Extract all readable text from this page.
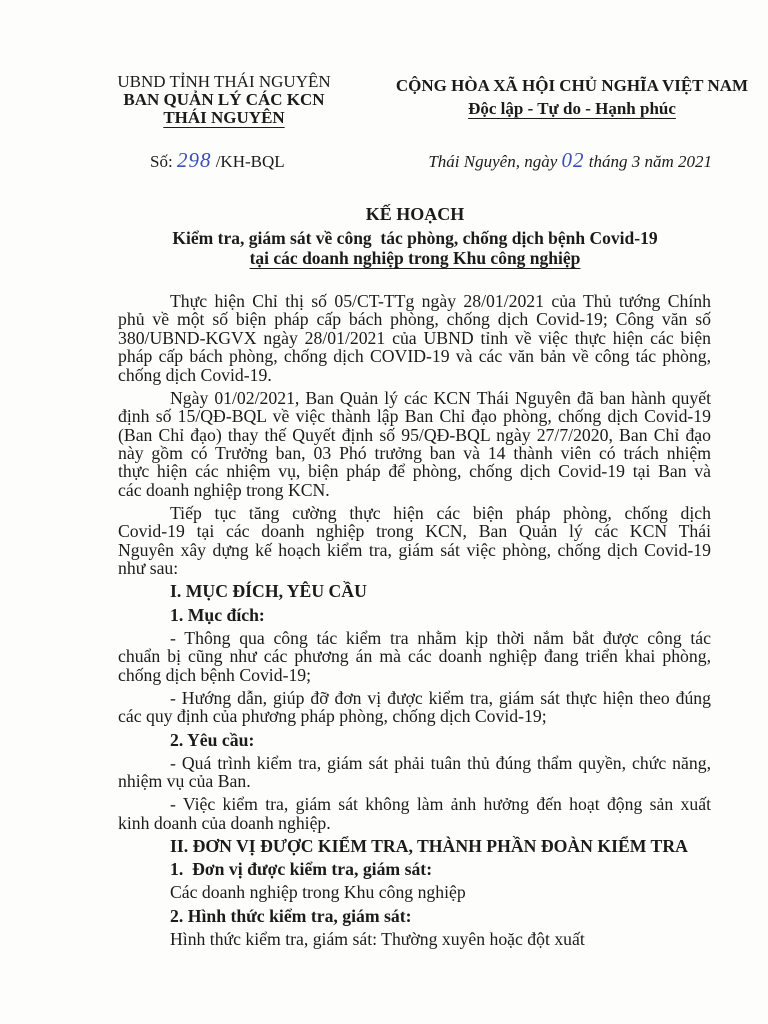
UBND TỈNH THÁI NGUYÊN
BAN QUẢN LÝ CÁC KCN
THÁI NGUYÊN
CỘNG HÒA XÃ HỘI CHỦ NGHĨA VIỆT NAM
Độc lập - Tự do - Hạnh phúc
Số: 298 /KH-BQL	Thái Nguyên, ngày 02 tháng 3 năm 2021
KẾ HOẠCH
Kiểm tra, giám sát về công  tác phòng, chống dịch bệnh Covid-19
tại các doanh nghiệp trong Khu công nghiệp
Thực hiện Chỉ thị số 05/CT-TTg ngày 28/01/2021 của Thủ tướng Chính
phủ về một số biện pháp cấp bách phòng, chống dịch Covid-19; Công văn số
380/UBND-KGVX ngày 28/01/2021 của UBND tỉnh về việc thực hiện các biện
pháp cấp bách phòng, chống dịch COVID-19 và các văn bản về công tác phòng,
chống dịch Covid-19.
Ngày 01/02/2021, Ban Quản lý các KCN Thái Nguyên đã ban hành quyết
định số 15/QĐ-BQL về việc thành lập Ban Chỉ đạo phòng, chống dịch Covid-19
(Ban Chỉ đạo) thay thế Quyết định số 95/QĐ-BQL ngày 27/7/2020, Ban Chỉ đạo
này gồm có Trưởng ban, 03 Phó trưởng ban và 14 thành viên có trách nhiệm
thực hiện các nhiệm vụ, biện pháp để phòng, chống dịch Covid-19 tại Ban và
các doanh nghiệp trong KCN.
Tiếp tục tăng cường thực hiện các biện pháp phòng, chống dịch
Covid-19 tại các doanh nghiệp trong KCN, Ban Quản lý các KCN Thái
Nguyên xây dựng kế hoạch kiểm tra, giám sát việc phòng, chống dịch Covid-19
như sau:
I. MỤC ĐÍCH, YÊU CẦU
1. Mục đích:
- Thông qua công tác kiểm tra nhằm kịp thời nắm bắt được công tác
chuẩn bị cũng như các phương án mà các doanh nghiệp đang triển khai phòng,
chống dịch bệnh Covid-19;
- Hướng dẫn, giúp đỡ đơn vị được kiểm tra, giám sát thực hiện theo đúng
các quy định của phương pháp phòng, chống dịch Covid-19;
2. Yêu cầu:
- Quá trình kiểm tra, giám sát phải tuân thủ đúng thẩm quyền, chức năng,
nhiệm vụ của Ban.
- Việc kiểm tra, giám sát không làm ảnh hưởng đến hoạt động sản xuất
kinh doanh của doanh nghiệp.
II. ĐƠN VỊ ĐƯỢC KIỂM TRA, THÀNH PHẦN ĐOÀN KIỂM TRA
1.  Đơn vị được kiểm tra, giám sát:
Các doanh nghiệp trong Khu công nghiệp
2. Hình thức kiểm tra, giám sát:
Hình thức kiểm tra, giám sát: Thường xuyên hoặc đột xuất
